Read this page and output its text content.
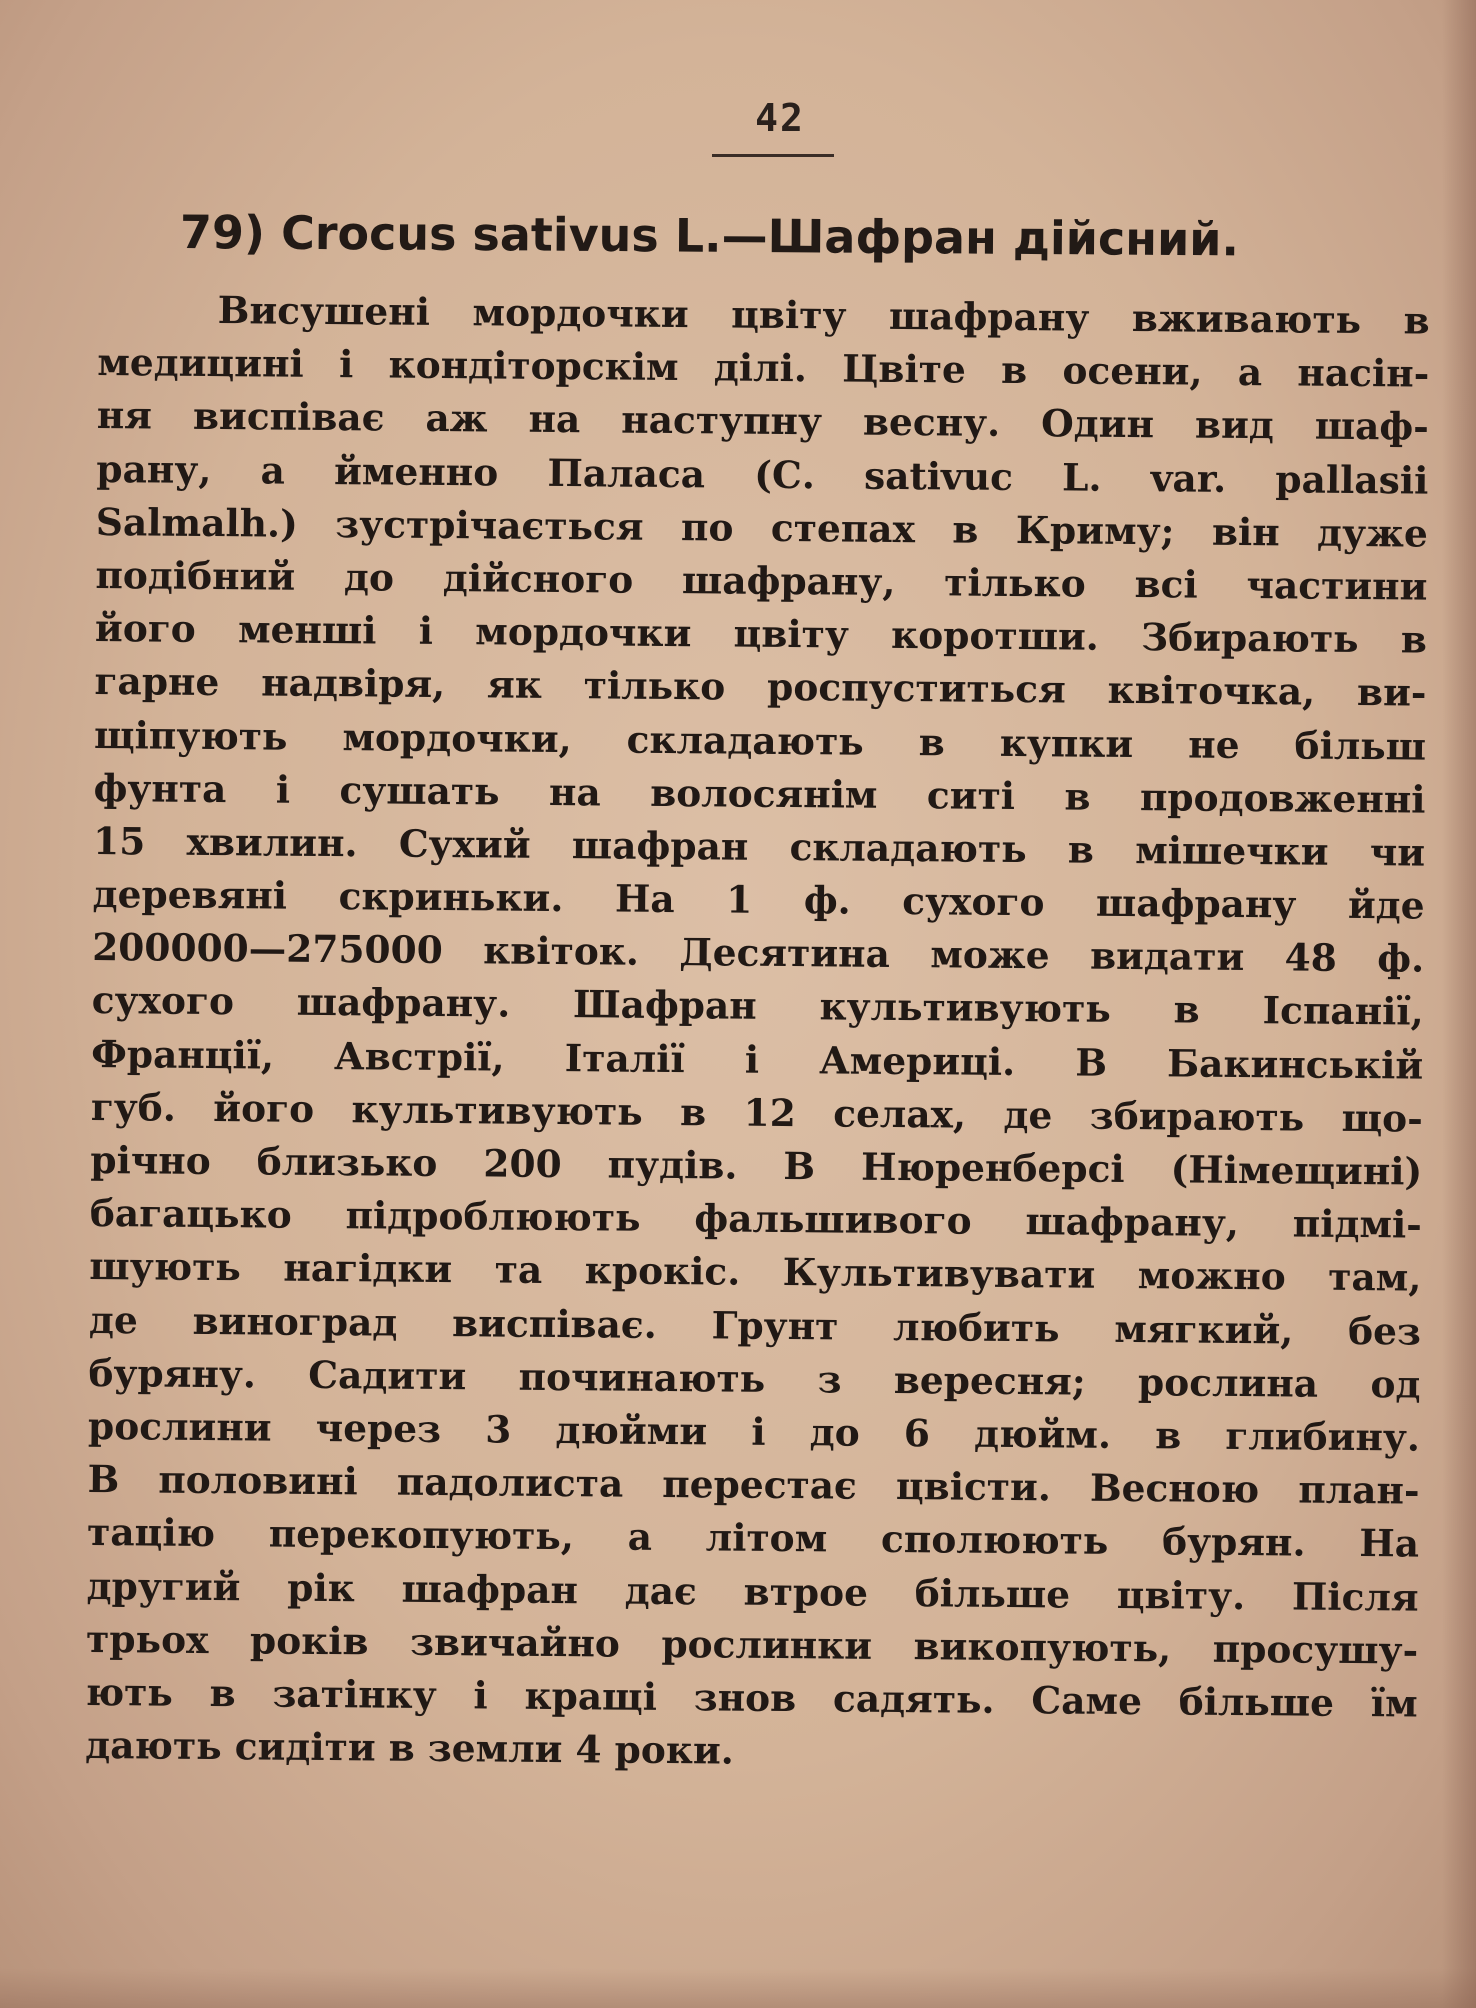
42
79) Crocus sativus L.—Шафран дійсний.
Висушені мордочки цвіту шафрану вживають в
медицині і кондіторскім ділі. Цвіте в осени, а насін-
ня виспіває аж на наступну весну. Один вид шаф-
рану, а йменно Паласа (С. sativuc L. var. pallasii
Salmalh.) зустрічається по степах в Криму; він дуже
подібний до дійсного шафрану, тілько всі частини
його менші і мордочки цвіту коротши. Збирають в
гарне надвіря, як тілько роспуститься квіточка, ви-
щіпують мордочки, складають в купки не більш
фунта і сушать на волосянім ситі в продовженні
15 хвилин. Сухий шафран складають в мішечки чи
деревяні скриньки. На 1 ф. сухого шафрану йде
200000—275000 квіток. Десятина може видати 48 ф.
сухого шафрану. Шафран культивують в Іспанії,
Франції, Австрії, Італії і Америці. В Бакинській
губ. його культивують в 12 селах, де збирають що-
річно близько 200 пудів. В Нюренберсі (Німещині)
багацько підроблюють фальшивого шафрану, підмі-
шують нагідки та крокіс. Культивувати можно там,
де виноград виспіває. Грунт любить мягкий, без
буряну. Садити починають з вересня; рослина од
рослини через 3 дюйми і до 6 дюйм. в глибину.
В половині падолиста перестає цвісти. Весною план-
тацію перекопують, а літом сполюють бурян. На
другий рік шафран дає втрое більше цвіту. Після
трьох років звичайно рослинки викопують, просушу-
ють в затінку і кращі знов садять. Саме більше їм
дають сидіти в земли 4 роки.
